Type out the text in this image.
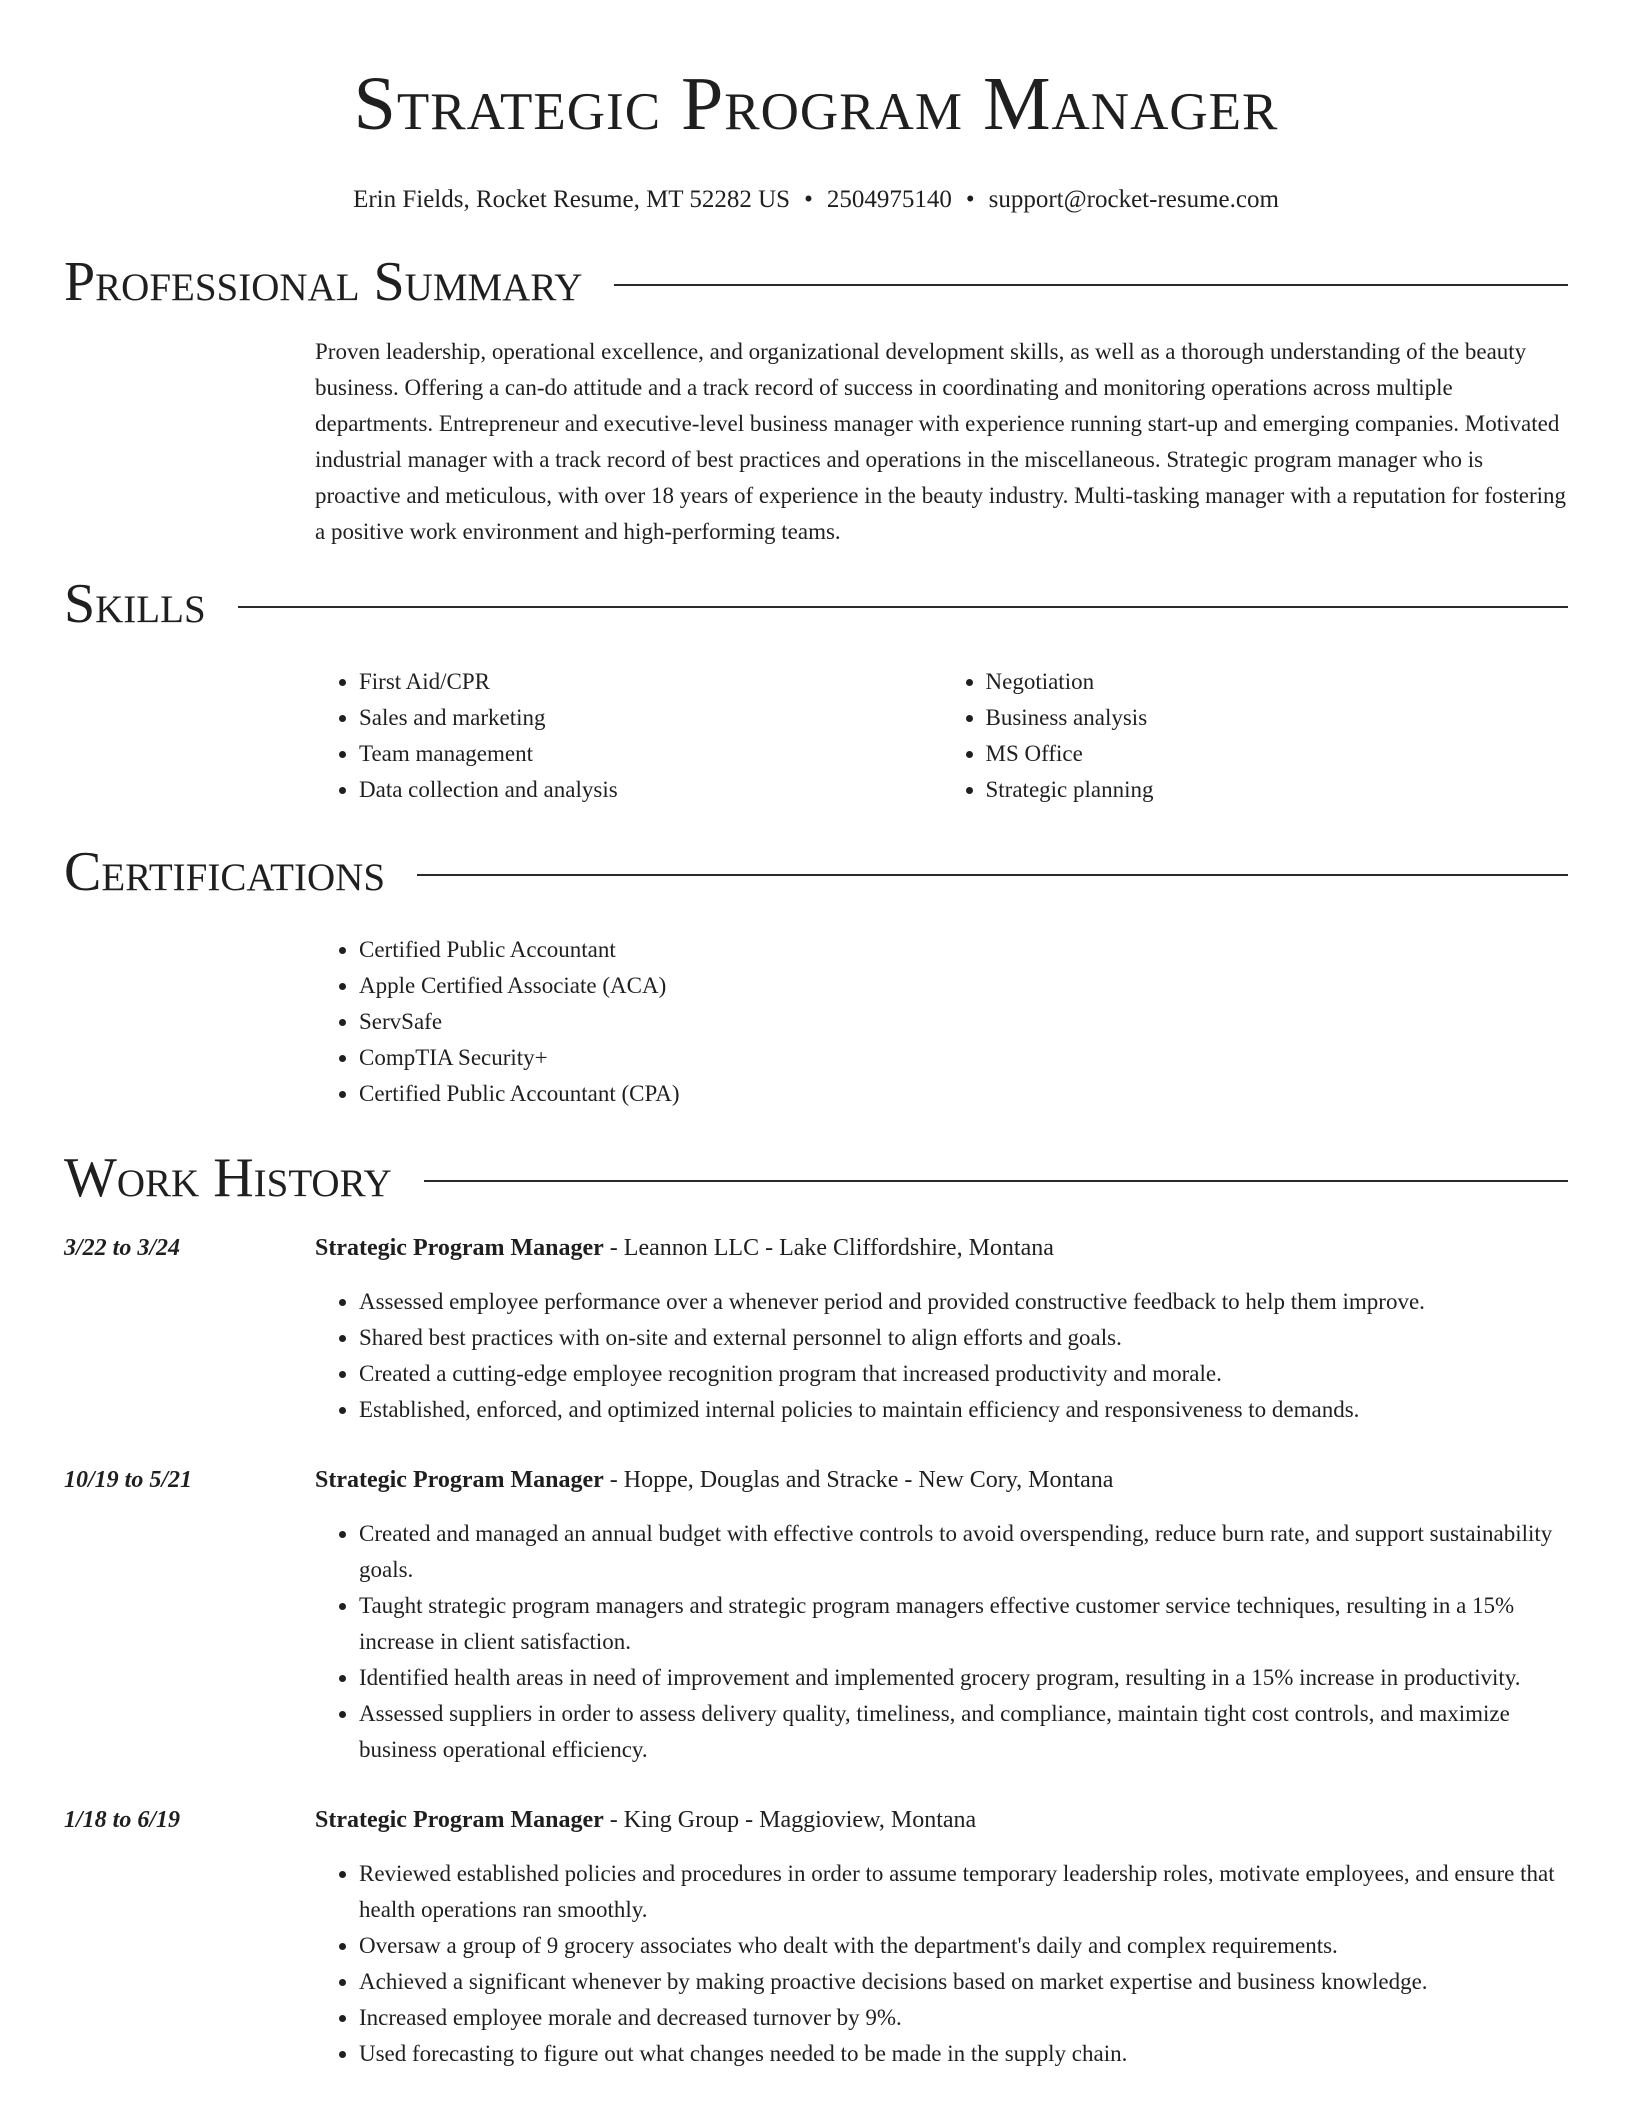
Strategic Program Manager
Erin Fields, Rocket Resume, MT 52282 US • 2504975140 • support@rocket-resume.com
Professional Summary

Proven leadership, operational excellence, and organizational development skills, as well as a thorough understanding of the beauty business. Offering a can-do attitude and a track record of success in coordinating and monitoring operations across multiple departments. Entrepreneur and executive-level business manager with experience running start-up and emerging companies. Motivated industrial manager with a track record of best practices and operations in the miscellaneous. Strategic program manager who is proactive and meticulous, with over 18 years of experience in the beauty industry. Multi-tasking manager with a reputation for fostering a positive work environment and high-performing teams.

Skills
• First Aid/CPR
• Sales and marketing
• Team management
• Data collection and analysis
• Negotiation
• Business analysis
• MS Office
• Strategic planning
Certifications
• Certified Public Accountant
• Apple Certified Associate (ACA)
• ServSafe
• CompTIA Security+
• Certified Public Accountant (CPA)
Work History
3/22 to 3/24	Strategic Program Manager - Leannon LLC - Lake Cliffordshire, Montana

• Assessed employee performance over a whenever period and provided constructive feedback to help them improve.
• Shared best practices with on-site and external personnel to align efforts and goals.
• Created a cutting-edge employee recognition program that increased productivity and morale.
• Established, enforced, and optimized internal policies to maintain efficiency and responsiveness to demands.
10/19 to 5/21	Strategic Program Manager - Hoppe, Douglas and Stracke - New Cory, Montana

• Created and managed an annual budget with effective controls to avoid overspending, reduce burn rate, and support sustainability goals.
• Taught strategic program managers and strategic program managers effective customer service techniques, resulting in a 15% increase in client satisfaction.
• Identified health areas in need of improvement and implemented grocery program, resulting in a 15% increase in productivity.
• Assessed suppliers in order to assess delivery quality, timeliness, and compliance, maintain tight cost controls, and maximize business operational efficiency.
1/18 to 6/19	Strategic Program Manager - King Group - Maggioview, Montana

• Reviewed established policies and procedures in order to assume temporary leadership roles, motivate employees, and ensure that health operations ran smoothly.
• Oversaw a group of 9 grocery associates who dealt with the department's daily and complex requirements.
• Achieved a significant whenever by making proactive decisions based on market expertise and business knowledge.
• Increased employee morale and decreased turnover by 9%.
• Used forecasting to figure out what changes needed to be made in the supply chain.
